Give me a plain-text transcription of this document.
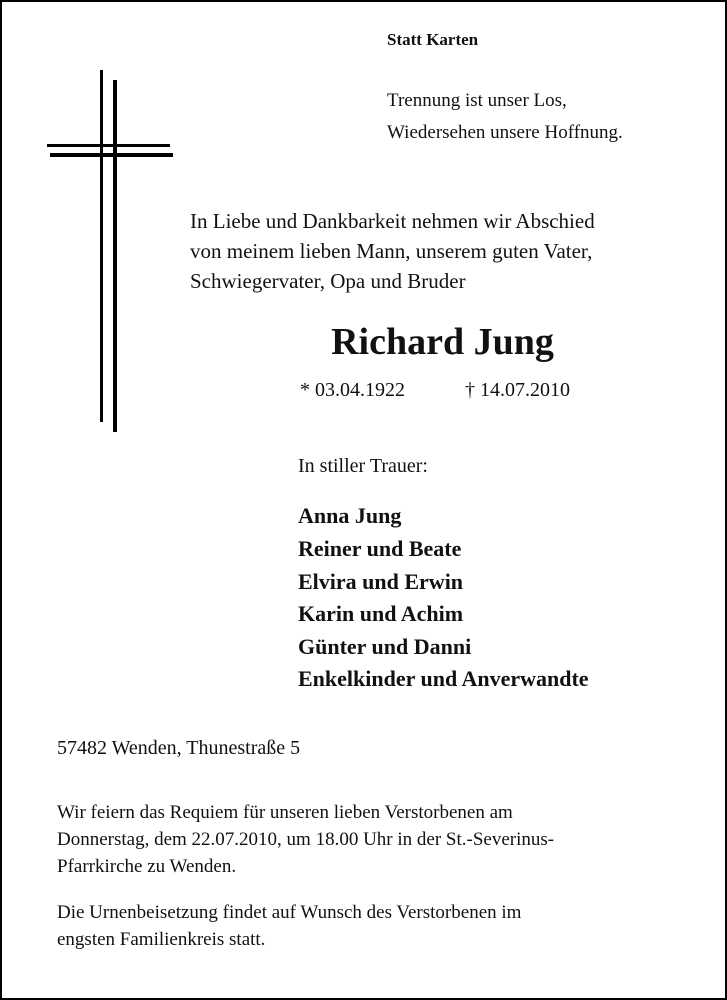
Statt Karten
Trennung ist unser Los,
Wiedersehen unsere Hoffnung.
In Liebe und Dankbarkeit nehmen wir Abschied
von meinem lieben Mann, unserem guten Vater,
Schwiegervater, Opa und Bruder
Richard Jung
* 03.04.1922	† 14.07.2010
In stiller Trauer:
Anna Jung
Reiner und Beate
Elvira und Erwin
Karin und Achim
Günter und Danni
Enkelkinder und Anverwandte
57482 Wenden, Thunestraße 5
Wir feiern das Requiem für unseren lieben Verstorbenen am
Donnerstag, dem 22.07.2010, um 18.00 Uhr in der St.-Severinus-
Pfarrkirche zu Wenden.
Die Urnenbeisetzung findet auf Wunsch des Verstorbenen im
engsten Familienkreis statt.
